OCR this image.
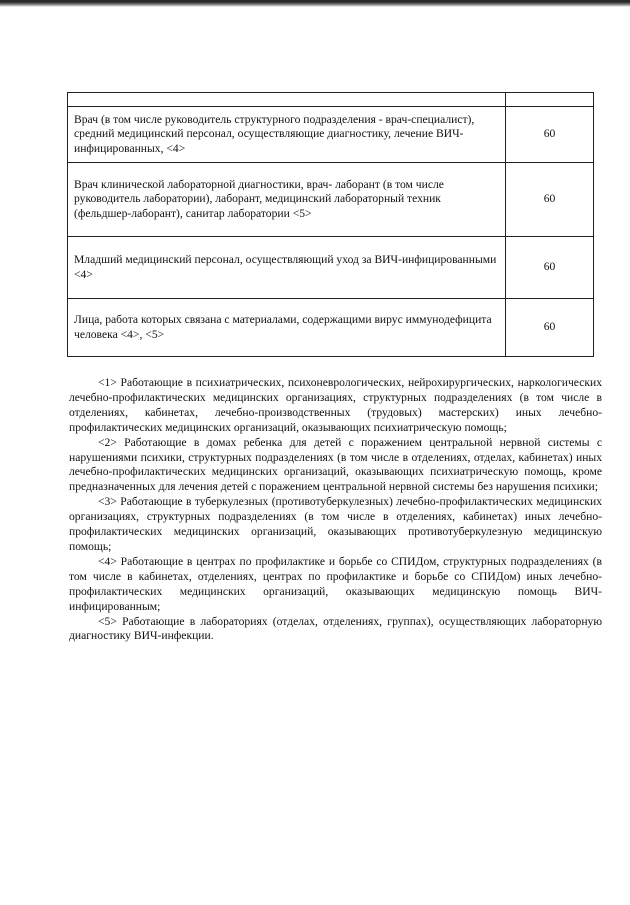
Врач (в том числе руководитель структурного подразделения - врач-специалист), средний медицинский персонал, осуществляющие диагностику, лечение ВИЧ-инфицированных, <4>	60
Врач клинической лабораторной диагностики, врач- лаборант (в том числе руководитель лаборатории), лаборант, медицинский лабораторный техник (фельдшер-лаборант), санитар лаборатории <5>	60
Младший медицинский персонал, осуществляющий уход за ВИЧ-инфицированными <4>	60
Лица, работа которых связана с материалами, содержащими вирус иммунодефицита человека <4>, <5>	60

<1> Работающие в психиатрических, психоневрологических, нейрохирургических, наркологических лечебно-профилактических медицинских организациях, структурных подразделениях (в том числе в отделениях, кабинетах, лечебно-производственных (трудовых) мастерских) иных лечебно-профилактических медицинских организаций, оказывающих психиатрическую помощь;

<2> Работающие в домах ребенка для детей с поражением центральной нервной системы с нарушениями психики, структурных подразделениях (в том числе в отделениях, отделах, кабинетах) иных лечебно-профилактических медицинских организаций, оказывающих психиатрическую помощь, кроме предназначенных для лечения детей с поражением центральной нервной системы без нарушения психики;

<3> Работающие в туберкулезных (противотуберкулезных) лечебно-профилактических медицинских организациях, структурных подразделениях (в том числе в отделениях, кабинетах) иных лечебно-профилактических медицинских организаций, оказывающих противотуберкулезную медицинскую помощь;

<4> Работающие в центрах по профилактике и борьбе со СПИДом, структурных подразделениях (в том числе в кабинетах, отделениях, центрах по профилактике и борьбе со СПИДом) иных лечебно-профилактических медицинских организаций, оказывающих медицинскую помощь ВИЧ-инфицированным;

<5> Работающие в лабораториях (отделах, отделениях, группах), осуществляющих лабораторную диагностику ВИЧ-инфекции.
